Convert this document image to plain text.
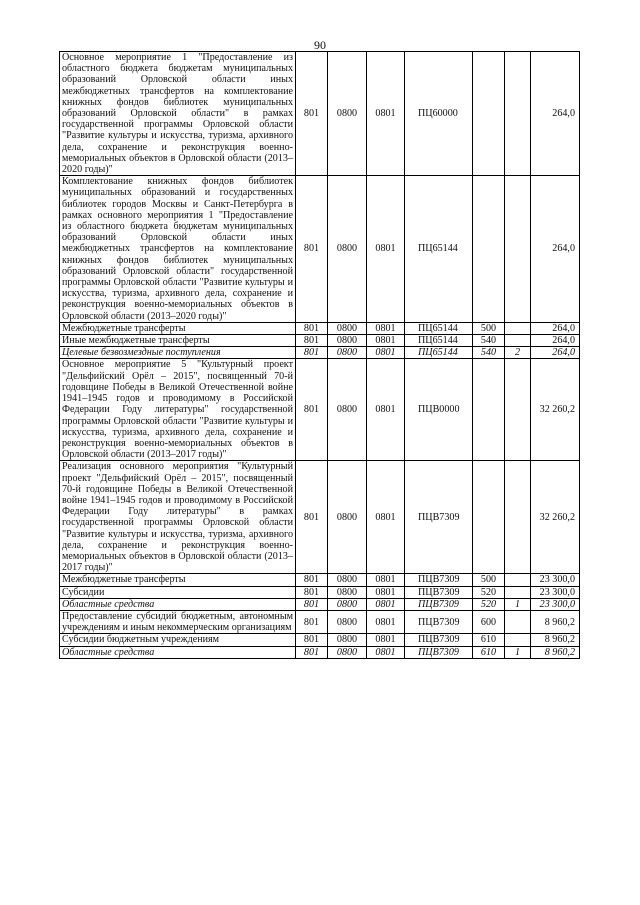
90
Основное мероприятие 1 "Предоставление из областного бюджета бюджетам муниципальных образований Орловской области иных межбюджетных трансфертов на комплектование книжных фондов библиотек муниципальных образований Орловской области" в рамках государственной программы Орловской области "Развитие культуры и искусства, туризма, архивного дела, сохранение и реконструкция военно-мемориальных объектов в Орловской области (2013–2020 годы)"	801	0800	0801	ПЦ60000			264,0
Комплектование книжных фондов библиотек муниципальных образований и государственных библиотек городов Москвы и Санкт-Петербурга в рамках основного мероприятия 1 "Предоставление из областного бюджета бюджетам муниципальных образований Орловской области иных межбюджетных трансфертов на комплектование книжных фондов библиотек муниципальных образований Орловской области" государственной программы Орловской области "Развитие культуры и искусства, туризма, архивного дела, сохранение и реконструкция военно-мемориальных объектов в Орловской области (2013–2020 годы)"	801	0800	0801	ПЦ65144			264,0
Межбюджетные трансферты	801	0800	0801	ПЦ65144	500		264,0
Иные межбюджетные трансферты	801	0800	0801	ПЦ65144	540		264,0
Целевые безвозмездные поступления	801	0800	0801	ПЦ65144	540	2	264,0
Основное мероприятие 5 "Культурный проект "Дельфийский Орёл – 2015", посвященный 70-й годовщине Победы в Великой Отечественной войне 1941–1945 годов и проводимому в Российской Федерации Году литературы" государственной программы Орловской области "Развитие культуры и искусства, туризма, архивного дела, сохранение и реконструкция военно-мемориальных объектов в Орловской области (2013–2017 годы)"	801	0800	0801	ПЦВ0000			32 260,2
Реализация основного мероприятия "Культурный проект "Дельфийский Орёл – 2015", посвященный 70-й годовщине Победы в Великой Отечественной войне 1941–1945 годов и проводимому в Российской Федерации Году литературы" в рамках государственной программы Орловской области "Развитие культуры и искусства, туризма, архивного дела, сохранение и реконструкция военно-мемориальных объектов в Орловской области (2013–2017 годы)"	801	0800	0801	ПЦВ7309			32 260,2
Межбюджетные трансферты	801	0800	0801	ПЦВ7309	500		23 300,0
Субсидии	801	0800	0801	ПЦВ7309	520		23 300,0
Областные средства	801	0800	0801	ПЦВ7309	520	1	23 300,0
Предоставление субсидий бюджетным, автономным учреждениям и иным некоммерческим организациям	801	0800	0801	ПЦВ7309	600		8 960,2
Субсидии бюджетным учреждениям	801	0800	0801	ПЦВ7309	610		8 960,2
Областные средства	801	0800	0801	ПЦВ7309	610	1	8 960,2
